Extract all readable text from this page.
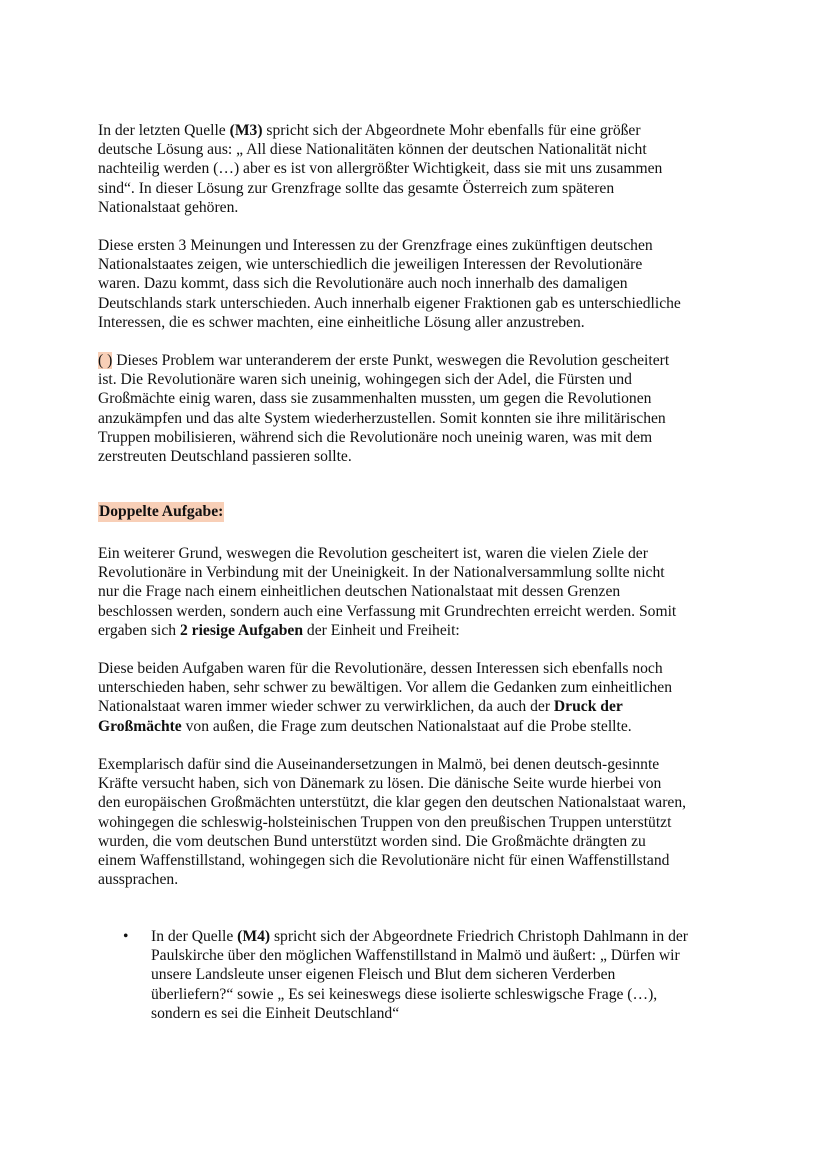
In der letzten Quelle (M3) spricht sich der Abgeordnete Mohr ebenfalls für eine größer
deutsche Lösung aus: „ All diese Nationalitäten können der deutschen Nationalität nicht
nachteilig werden (…) aber es ist von allergrößter Wichtigkeit, dass sie mit uns zusammen
sind“. In dieser Lösung zur Grenzfrage sollte das gesamte Österreich zum späteren
Nationalstaat gehören.
Diese ersten 3 Meinungen und Interessen zu der Grenzfrage eines zukünftigen deutschen
Nationalstaates zeigen, wie unterschiedlich die jeweiligen Interessen der Revolutionäre
waren. Dazu kommt, dass sich die Revolutionäre auch noch innerhalb des damaligen
Deutschlands stark unterschieden. Auch innerhalb eigener Fraktionen gab es unterschiedliche
Interessen, die es schwer machten, eine einheitliche Lösung aller anzustreben.
( ) Dieses Problem war unteranderem der erste Punkt, weswegen die Revolution gescheitert
ist. Die Revolutionäre waren sich uneinig, wohingegen sich der Adel, die Fürsten und
Großmächte einig waren, dass sie zusammenhalten mussten, um gegen die Revolutionen
anzukämpfen und das alte System wiederherzustellen. Somit konnten sie ihre militärischen
Truppen mobilisieren, während sich die Revolutionäre noch uneinig waren, was mit dem
zerstreuten Deutschland passieren sollte.
Doppelte Aufgabe:
Ein weiterer Grund, weswegen die Revolution gescheitert ist, waren die vielen Ziele der
Revolutionäre in Verbindung mit der Uneinigkeit. In der Nationalversammlung sollte nicht
nur die Frage nach einem einheitlichen deutschen Nationalstaat mit dessen Grenzen
beschlossen werden, sondern auch eine Verfassung mit Grundrechten erreicht werden. Somit
ergaben sich 2 riesige Aufgaben der Einheit und Freiheit:
Diese beiden Aufgaben waren für die Revolutionäre, dessen Interessen sich ebenfalls noch
unterschieden haben, sehr schwer zu bewältigen. Vor allem die Gedanken zum einheitlichen
Nationalstaat waren immer wieder schwer zu verwirklichen, da auch der Druck der
Großmächte von außen, die Frage zum deutschen Nationalstaat auf die Probe stellte.
Exemplarisch dafür sind die Auseinandersetzungen in Malmö, bei denen deutsch-gesinnte
Kräfte versucht haben, sich von Dänemark zu lösen. Die dänische Seite wurde hierbei von
den europäischen Großmächten unterstützt, die klar gegen den deutschen Nationalstaat waren,
wohingegen die schleswig-holsteinischen Truppen von den preußischen Truppen unterstützt
wurden, die vom deutschen Bund unterstützt worden sind. Die Großmächte drängten zu
einem Waffenstillstand, wohingegen sich die Revolutionäre nicht für einen Waffenstillstand
aussprachen.
• In der Quelle (M4) spricht sich der Abgeordnete Friedrich Christoph Dahlmann in der
Paulskirche über den möglichen Waffenstillstand in Malmö und äußert: „ Dürfen wir
unsere Landsleute unser eigenen Fleisch und Blut dem sicheren Verderben
überliefern?“ sowie „ Es sei keineswegs diese isolierte schleswigsche Frage (…),
sondern es sei die Einheit Deutschland“
